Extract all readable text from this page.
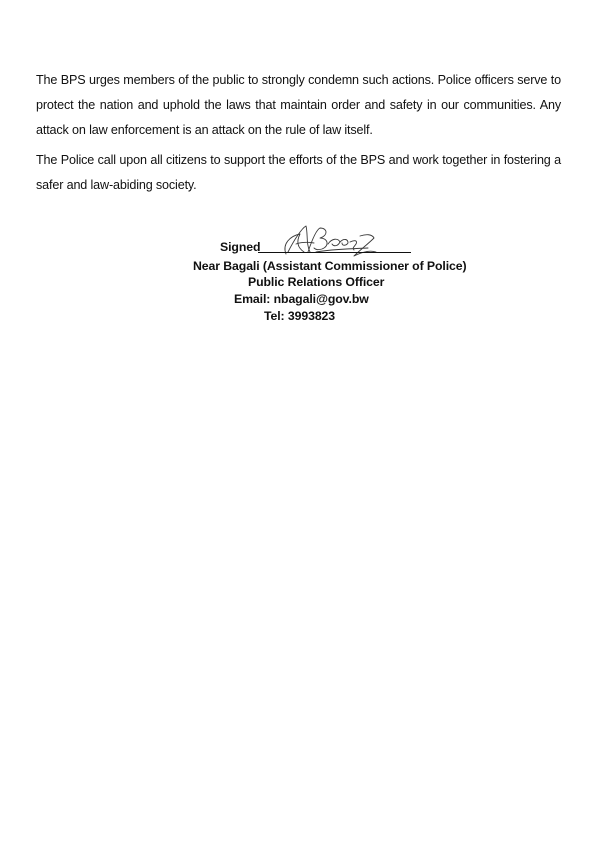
The BPS urges members of the public to strongly condemn such actions. Police officers serve to protect the nation and uphold the laws that maintain order and safety in our communities. Any attack on law enforcement is an attack on the rule of law itself.

The Police call upon all citizens to support the efforts of the BPS and work together in fostering a safer and law-abiding society.

Signed
Near Bagali (Assistant Commissioner of Police)
Public Relations Officer
Email: nbagali@gov.bw
Tel: 3993823
